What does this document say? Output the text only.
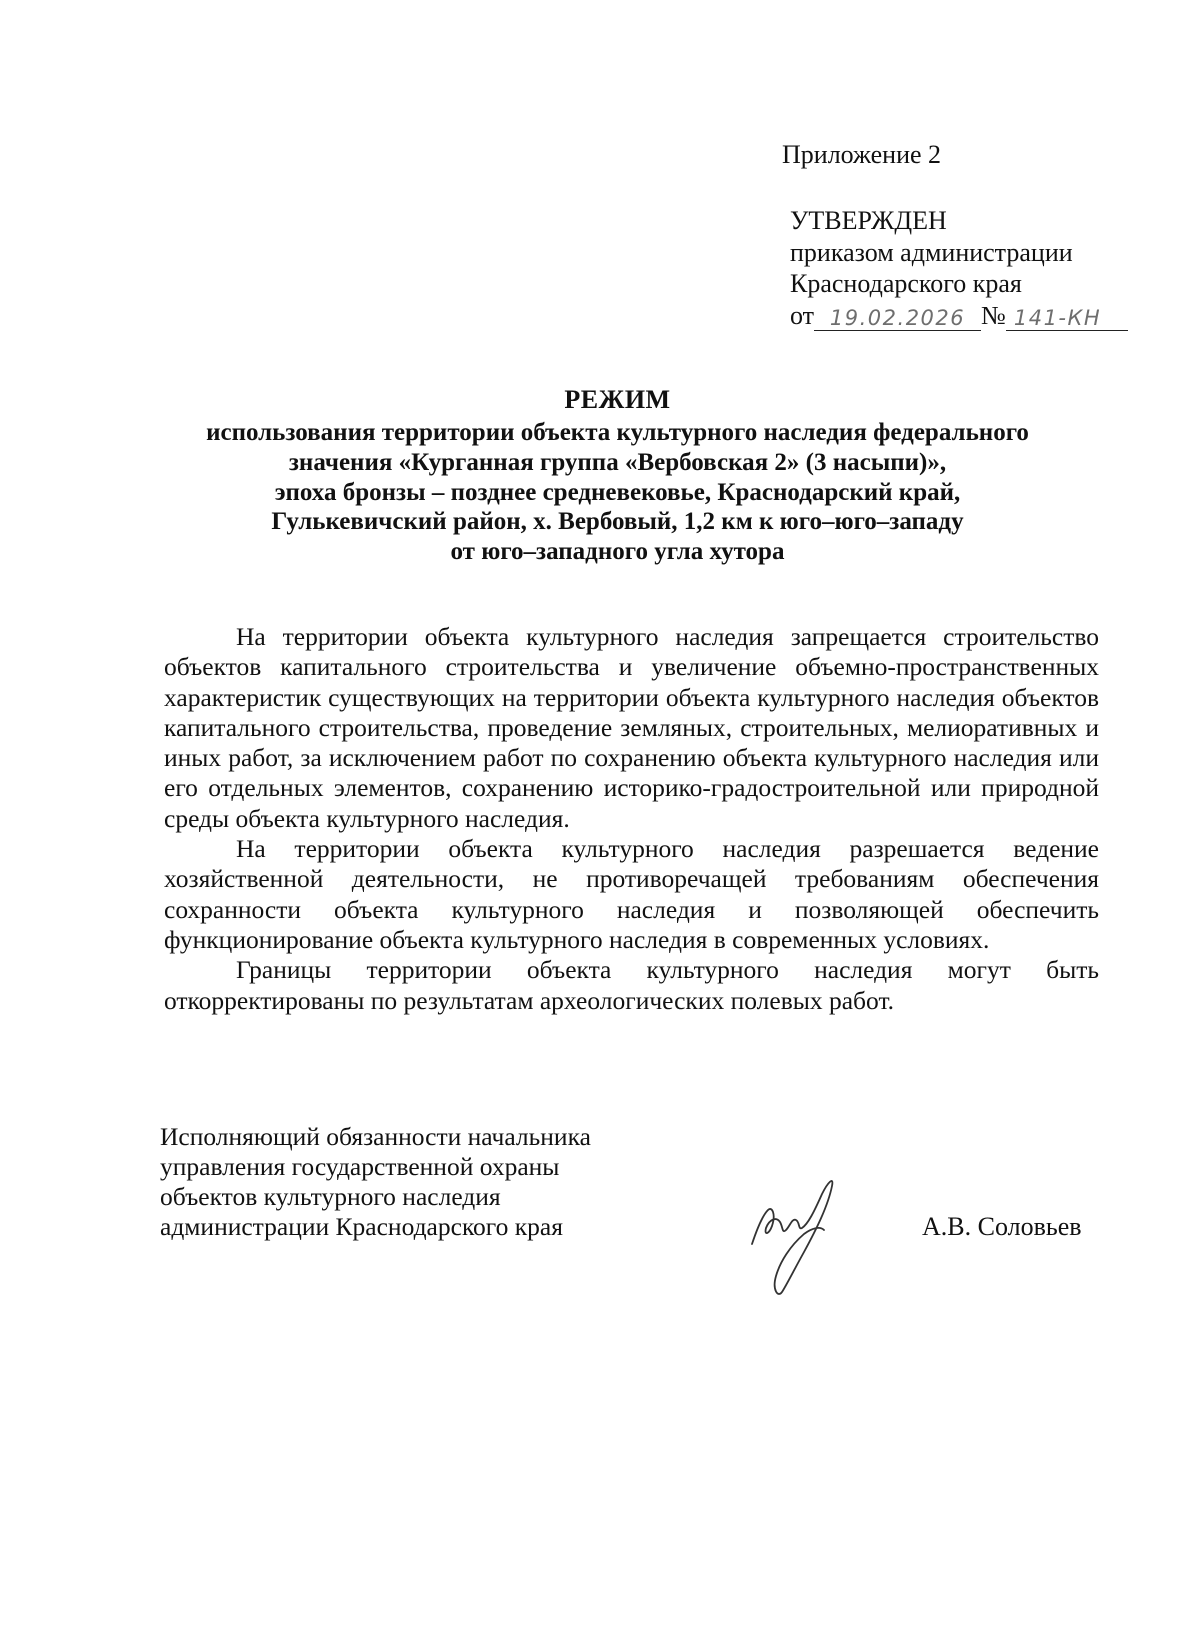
Приложение 2
УТВЕРЖДЕН
приказом администрации
Краснодарского края
от 19.02.2026 № 141-КН
РЕЖИМ
использования территории объекта культурного наследия федерального
значения «Курганная группа «Вербовская 2» (3 насыпи)»,
эпоха бронзы – позднее средневековье, Краснодарский край,
Гулькевичский район, х. Вербовый, 1,2 км к юго–юго–западу
от юго–западного угла хутора

На территории объекта культурного наследия запрещается строительство объектов капитального строительства и увеличение объемно-пространственных характеристик существующих на территории объекта культурного наследия объектов капитального строительства, проведение земляных, строительных, мелиоративных и иных работ, за исключением работ по сохранению объекта культурного наследия или его отдельных элементов, сохранению историко-градостроительной или природной среды объекта культурного наследия.

На территории объекта культурного наследия разрешается ведение хозяйственной деятельности, не противоречащей требованиям обеспечения сохранности объекта культурного наследия и позволяющей обеспечить функционирование объекта культурного наследия в современных условиях.

Границы территории объекта культурного наследия могут быть откорректированы по результатам археологических полевых работ.

Исполняющий обязанности начальника
управления государственной охраны
объектов культурного наследия
администрации Краснодарского края	А.В. Соловьев
